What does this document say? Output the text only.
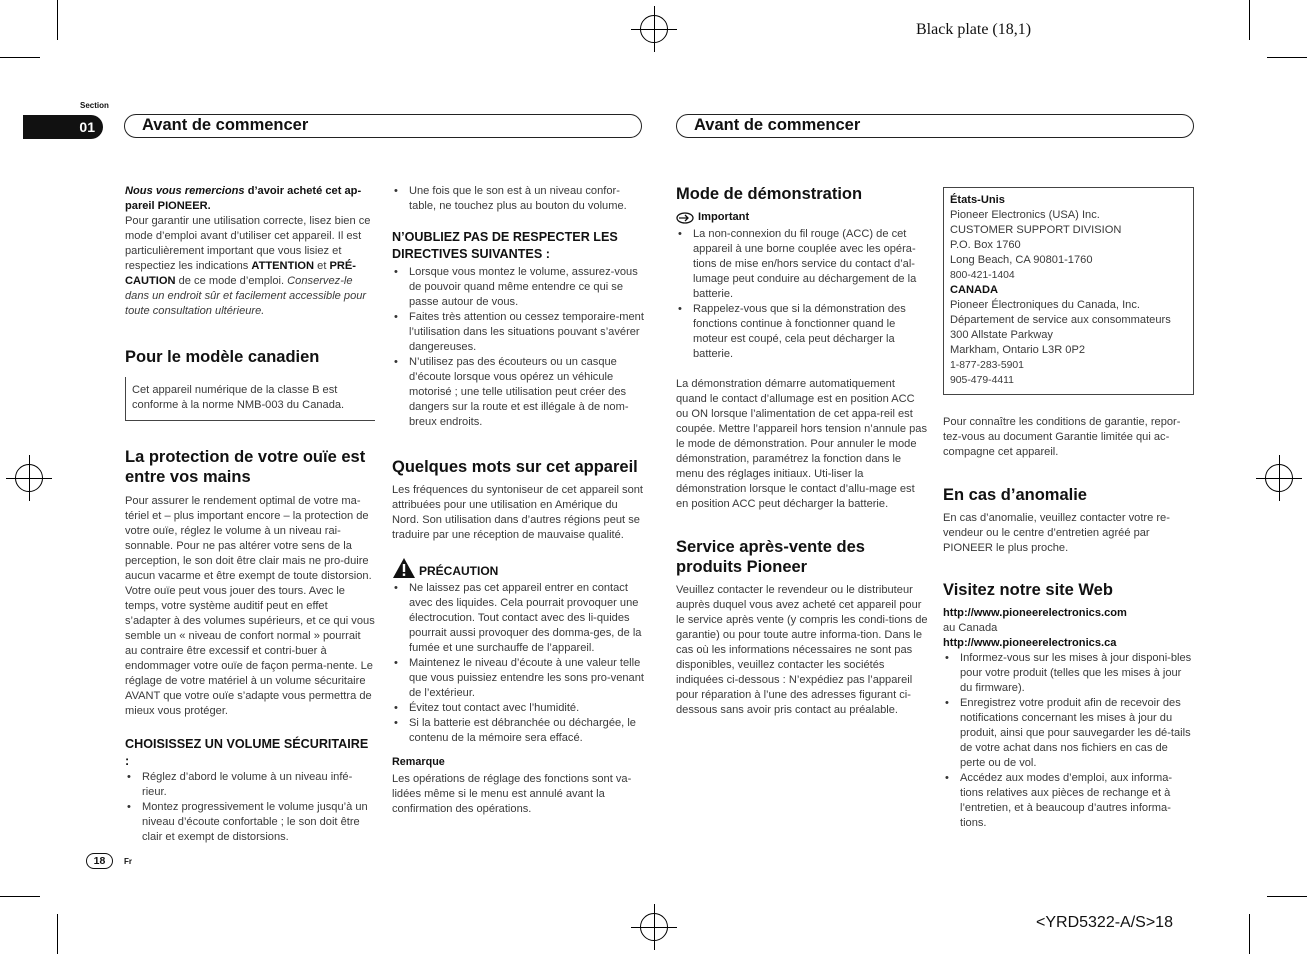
Black plate (18,1)
Section
01	Avant de commencer	Avant de commencer

Nous vous remercions d’avoir acheté cet ap-pareil PIONEER.

Pour garantir une utilisation correcte, lisez bien ce mode d’emploi avant d’utiliser cet appareil. Il est particulièrement important que vous lisiez et respectiez les indications ATTENTION et PRÉ-CAUTION de ce mode d’emploi. Conservez-le dans un endroit sûr et facilement accessible pour toute consultation ultérieure.

Pour le modèle canadien

Cet appareil numérique de la classe B est conforme à la norme NMB-003 du Canada.

La protection de votre ouïe est entre vos mains

Pour assurer le rendement optimal de votre ma-tériel et – plus important encore – la protection de votre ouïe, réglez le volume à un niveau rai-sonnable. Pour ne pas altérer votre sens de la perception, le son doit être clair mais ne pro-duire aucun vacarme et être exempt de toute distorsion. Votre ouïe peut vous jouer des tours. Avec le temps, votre système auditif peut en effet s’adapter à des volumes supérieurs, et ce qui vous semble un « niveau de confort normal » pourrait au contraire être excessif et contri-buer à endommager votre ouïe de façon perma-nente. Le réglage de votre matériel à un volume sécuritaire AVANT que votre ouïe s’adapte vous permettra de mieux vous protéger.

CHOISISSEZ UN VOLUME SÉCURITAIRE :
• Réglez d’abord le volume à un niveau infé-rieur.
• Montez progressivement le volume jusqu’à un niveau d’écoute confortable ; le son doit être clair et exempt de distorsions.
• Une fois que le son est à un niveau confor-table, ne touchez plus au bouton du volume.
N’OUBLIEZ PAS DE RESPECTER LES DIRECTIVES SUIVANTES :
• Lorsque vous montez le volume, assurez-vous de pouvoir quand même entendre ce qui se passe autour de vous.
• Faites très attention ou cessez temporaire-ment l’utilisation dans les situations pouvant s’avérer dangereuses.
• N’utilisez pas des écouteurs ou un casque d’écoute lorsque vous opérez un véhicule motorisé ; une telle utilisation peut créer des dangers sur la route et est illégale à de nom-breux endroits.
Quelques mots sur cet appareil

Les fréquences du syntoniseur de cet appareil sont attribuées pour une utilisation en Amérique du Nord. Son utilisation dans d’autres régions peut se traduire par une réception de mauvaise qualité.

PRÉCAUTION
• Ne laissez pas cet appareil entrer en contact avec des liquides. Cela pourrait provoquer une électrocution. Tout contact avec des li-quides pourrait aussi provoquer des domma-ges, de la fumée et une surchauffe de l’appareil.
• Maintenez le niveau d’écoute à une valeur telle que vous puissiez entendre les sons pro-venant de l’extérieur.
• Évitez tout contact avec l’humidité.
• Si la batterie est débranchée ou déchargée, le contenu de la mémoire sera effacé.

Remarque

Les opérations de réglage des fonctions sont va-lidées même si le menu est annulé avant la confirmation des opérations.

Mode de démonstration
Important
• La non-connexion du fil rouge (ACC) de cet appareil à une borne couplée avec les opéra-tions de mise en/hors service du contact d’al-lumage peut conduire au déchargement de la batterie.
• Rappelez-vous que si la démonstration des fonctions continue à fonctionner quand le moteur est coupé, cela peut décharger la batterie.

La démonstration démarre automatiquement quand le contact d’allumage est en position ACC ou ON lorsque l’alimentation de cet appa-reil est coupée. Mettre l’appareil hors tension n’annule pas le mode de démonstration. Pour annuler le mode démonstration, paramétrez la fonction dans le menu des réglages initiaux. Uti-liser la démonstration lorsque le contact d’allu-mage est en position ACC peut décharger la batterie.

Service après-vente des produits Pioneer

Veuillez contacter le revendeur ou le distributeur auprès duquel vous avez acheté cet appareil pour le service après vente (y compris les condi-tions de garantie) ou pour toute autre informa-tion. Dans le cas où les informations nécessaires ne sont pas disponibles, veuillez contacter les sociétés indiquées ci-dessous : N’expédiez pas l’appareil pour réparation à l’une des adresses figurant ci-dessous sans avoir pris contact au préalable.

États-Unis

Pioneer Electronics (USA) Inc.

CUSTOMER SUPPORT DIVISION

P.O. Box 1760

Long Beach, CA 90801-1760

800-421-1404

CANADA

Pioneer Électroniques du Canada, Inc.

Département de service aux consommateurs

300 Allstate Parkway

Markham, Ontario L3R 0P2

1-877-283-5901

905-479-4411

Pour connaître les conditions de garantie, repor-tez-vous au document Garantie limitée qui ac-compagne cet appareil.

En cas d’anomalie

En cas d’anomalie, veuillez contacter votre re-vendeur ou le centre d’entretien agréé par PIONEER le plus proche.

Visitez notre site Web

http://www.pioneerelectronics.com

au Canada

http://www.pioneerelectronics.ca

• Informez-vous sur les mises à jour disponi-bles pour votre produit (telles que les mises à jour du firmware).
• Enregistrez votre produit afin de recevoir des notifications concernant les mises à jour du produit, ainsi que pour sauvegarder les dé-tails de votre achat dans nos fichiers en cas de perte ou de vol.
• Accédez aux modes d’emploi, aux informa-tions relatives aux pièces de rechange et à l’entretien, et à beaucoup d’autres informa-tions.
18	Fr
<YRD5322-A/S>18
